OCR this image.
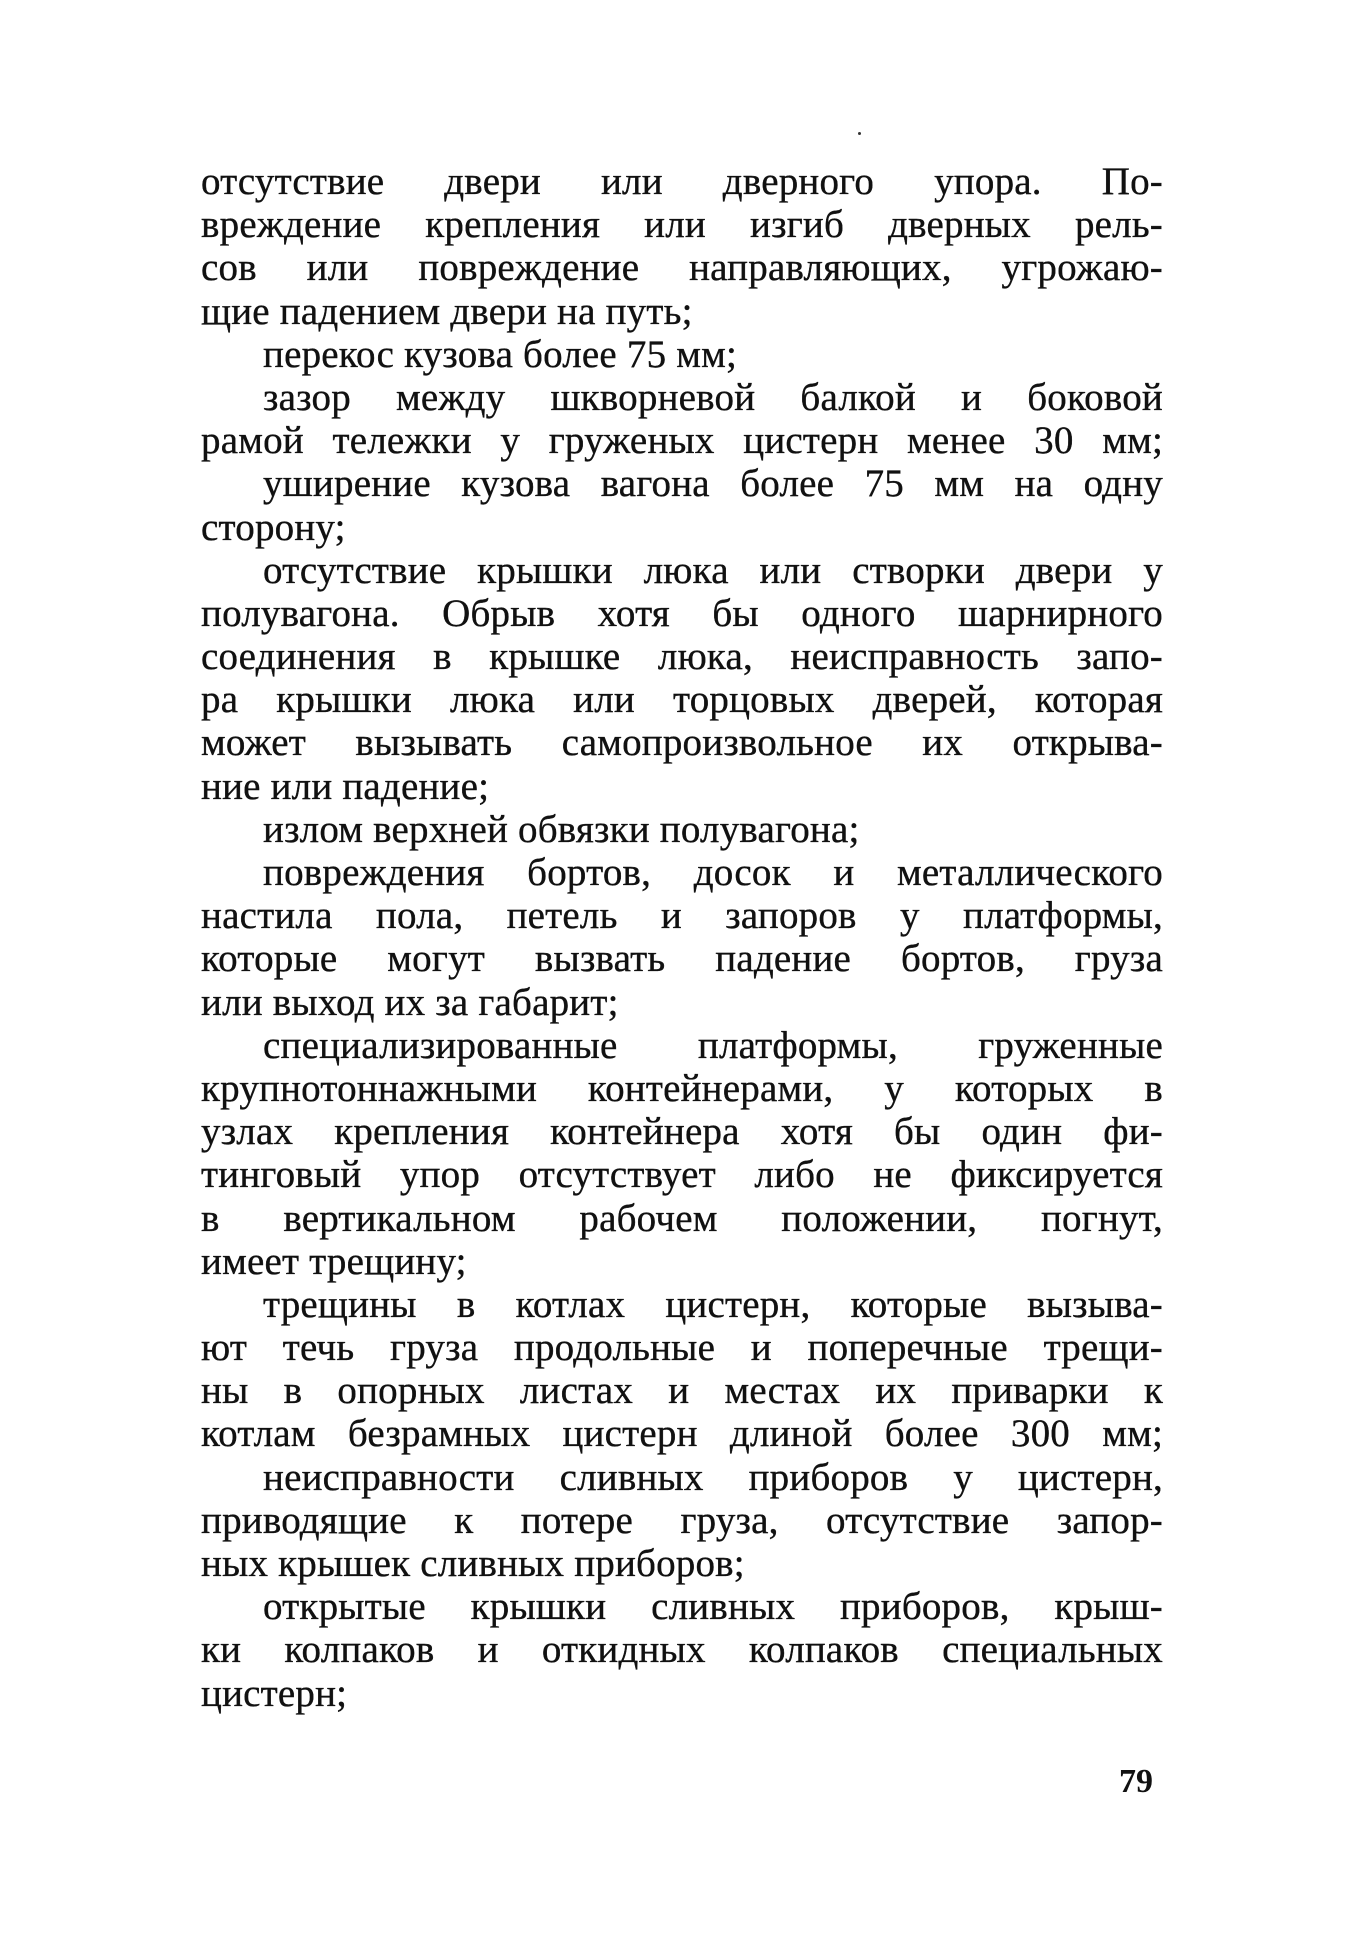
отсутствие двери или дверного упора. По-
вреждение крепления или изгиб дверных рель-
сов или повреждение направляющих, угрожаю-
щие падением двери на путь;
перекос кузова более 75 мм;
зазор между шкворневой балкой и боковой
рамой тележки у груженых цистерн менее 30 мм;
уширение кузова вагона более 75 мм на одну
сторону;
отсутствие крышки люка или створки двери у
полувагона. Обрыв хотя бы одного шарнирного
соединения в крышке люка, неисправность запо-
ра крышки люка или торцовых дверей, которая
может вызывать самопроизвольное их открыва-
ние или падение;
излом верхней обвязки полувагона;
повреждения бортов, досок и металлического
настила пола, петель и запоров у платформы,
которые могут вызвать падение бортов, груза
или выход их за габарит;
специализированные платформы, груженные
крупнотоннажными контейнерами, у которых в
узлах крепления контейнера хотя бы один фи-
тинговый упор отсутствует либо не фиксируется
в вертикальном рабочем положении, погнут,
имеет трещину;
трещины в котлах цистерн, которые вызыва-
ют течь груза продольные и поперечные трещи-
ны в опорных листах и местах их приварки к
котлам безрамных цистерн длиной более 300 мм;
неисправности сливных приборов у цистерн,
приводящие к потере груза, отсутствие запор-
ных крышек сливных приборов;
открытые крышки сливных приборов, крыш-
ки колпаков и откидных колпаков специальных
цистерн;
79
